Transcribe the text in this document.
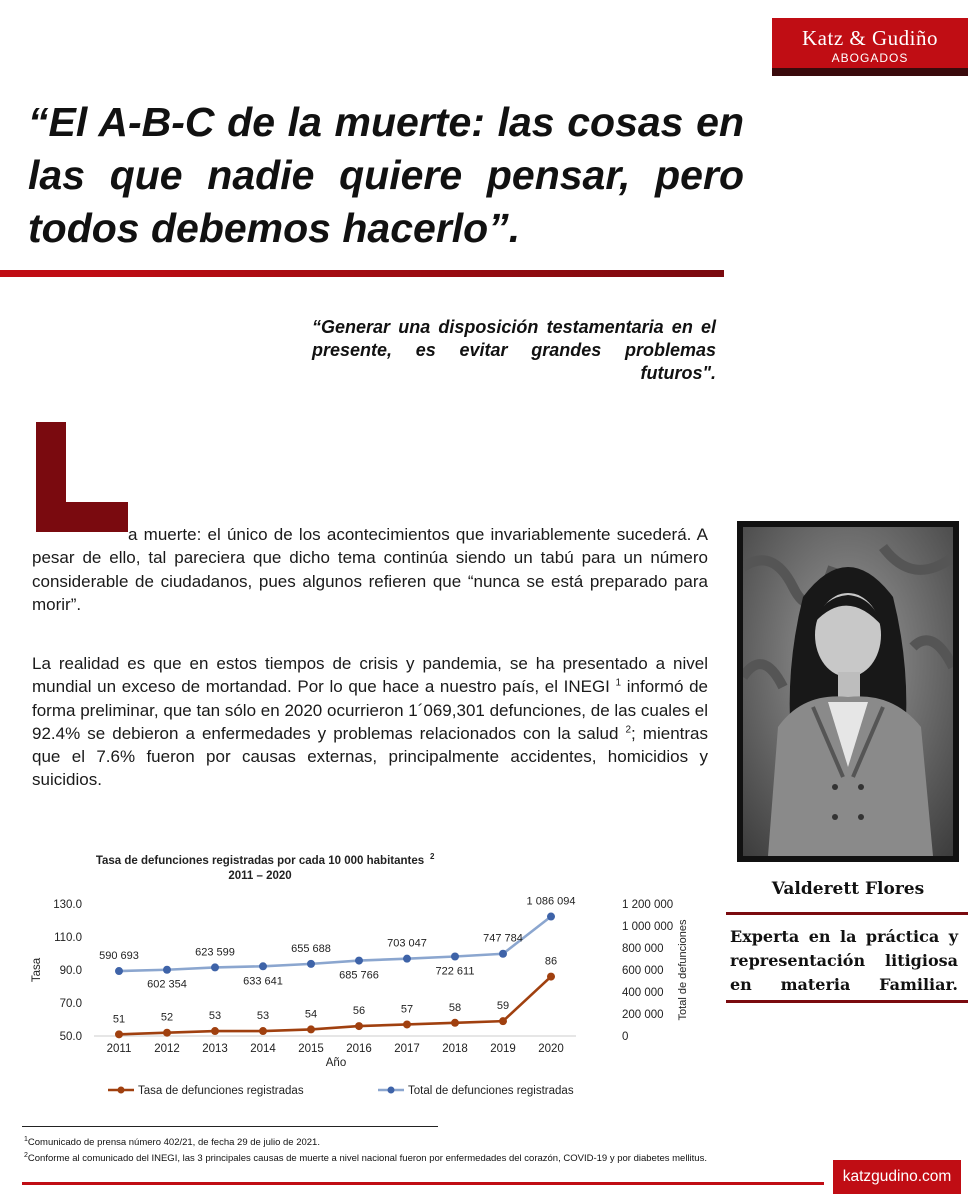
Katz & Gudiño
ABOGADOS
“El A-B-C de la muerte: las cosas en las que nadie quiere pensar, pero todos debemos hacerlo”.

“Generar una disposición testamentaria en el presente, es evitar grandes problemas futuros".

a muerte: el único de los acontecimientos que invariablemente sucederá. A pesar de ello, tal pareciera que dicho tema continúa siendo un tabú para un número considerable de ciudadanos, pues algunos refieren que “nunca se está preparado para morir”.

La realidad es que en estos tiempos de crisis y pandemia, se ha presentado a nivel mundial un exceso de mortandad. Por lo que hace a nuestro país, el INEGI $^1$ informó de forma preliminar, que tan sólo en 2020 ocurrieron 1´069,301 defunciones, de las cuales el 92.4% se debieron a enfermedades y problemas relacionados con la salud $^2$; mientras que el 7.6% fueron por causas externas, principalmente accidentes, homicidios y suicidios.

Valderett Flores

Experta en la práctica y representación litigiosa en materia Familiar.

Tasa de defunciones registradas por cada 10 000 habitantes 2
2011 – 2020
130.0
110.0
90.0
70.0
50.0
1 200 000
1 000 000
800 000
600 000
400 000
200 000
0
Tasa	Total de defunciones
2011 2012 2013 2014 2015 2016 2017 2018 2019 2020
Año
51	52	53	53	54	56	57	58	59
86
590 693
602 354
623 599
633 641
655 688
685 766
703 047
722 611
747 784
1 086 094
Tasa de defunciones registradas	Total de defunciones registradas
$^1$Comunicado de prensa número 402/21, de fecha 29 de julio de 2021.
$^2$Conforme al comunicado del INEGI, las 3 principales causas de muerte a nivel nacional fueron por enfermedades del corazón, COVID-19 y por diabetes mellitus.
katzgudino.com
